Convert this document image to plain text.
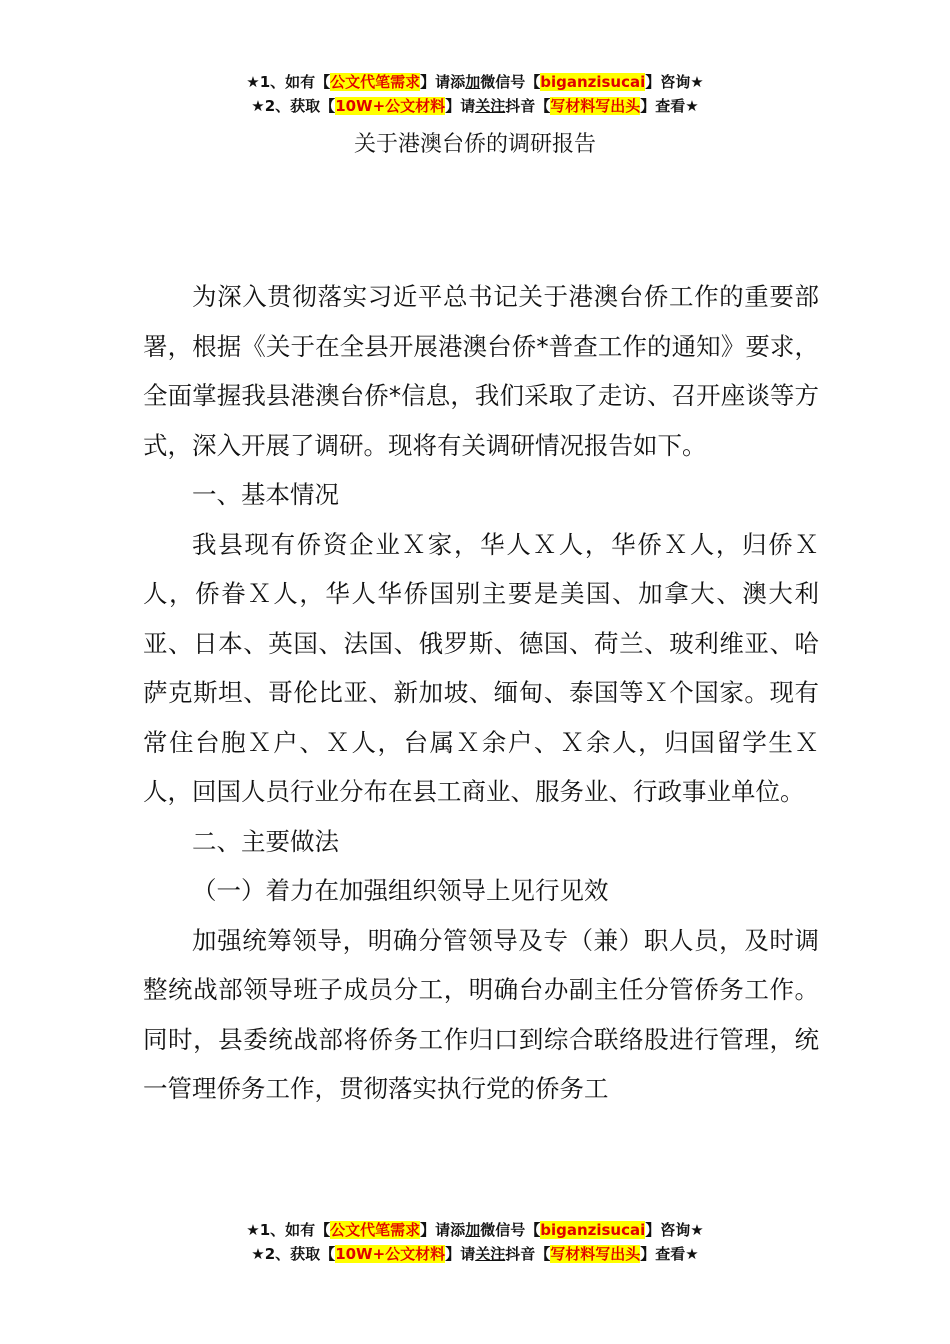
★1、如有【公文代笔需求】请添加微信号【biganzisucai】咨询★
★2、获取【10W+公文材料】请关注抖音【写材料写出头】查看★
关于港澳台侨的调研报告

为深入贯彻落实习近平总书记关于港澳台侨工作的重要部署，根据《关于在全县开展港澳台侨*普查工作的通知》要求，全面掌握我县港澳台侨*信息，我们采取了走访、召开座谈等方式，深入开展了调研。现将有关调研情况报告如下。

一、基本情况

我县现有侨资企业Ｘ家，华人Ｘ人，华侨Ｘ人，归侨Ｘ人，侨眷Ｘ人，华人华侨国别主要是美国、加拿大、澳大利亚、日本、英国、法国、俄罗斯、德国、荷兰、玻利维亚、哈萨克斯坦、哥伦比亚、新加坡、缅甸、泰国等Ｘ个国家。现有常住台胞Ｘ户、Ｘ人，台属Ｘ余户、Ｘ余人，归国留学生Ｘ人，回国人员行业分布在县工商业、服务业、行政事业单位。

二、主要做法

（一）着力在加强组织领导上见行见效

加强统筹领导，明确分管领导及专（兼）职人员，及时调整统战部领导班子成员分工，明确台办副主任分管侨务工作。同时，县委统战部将侨务工作归口到综合联络股进行管理，统一管理侨务工作，贯彻落实执行党的侨务工

★1、如有【公文代笔需求】请添加微信号【biganzisucai】咨询★
★2、获取【10W+公文材料】请关注抖音【写材料写出头】查看★
